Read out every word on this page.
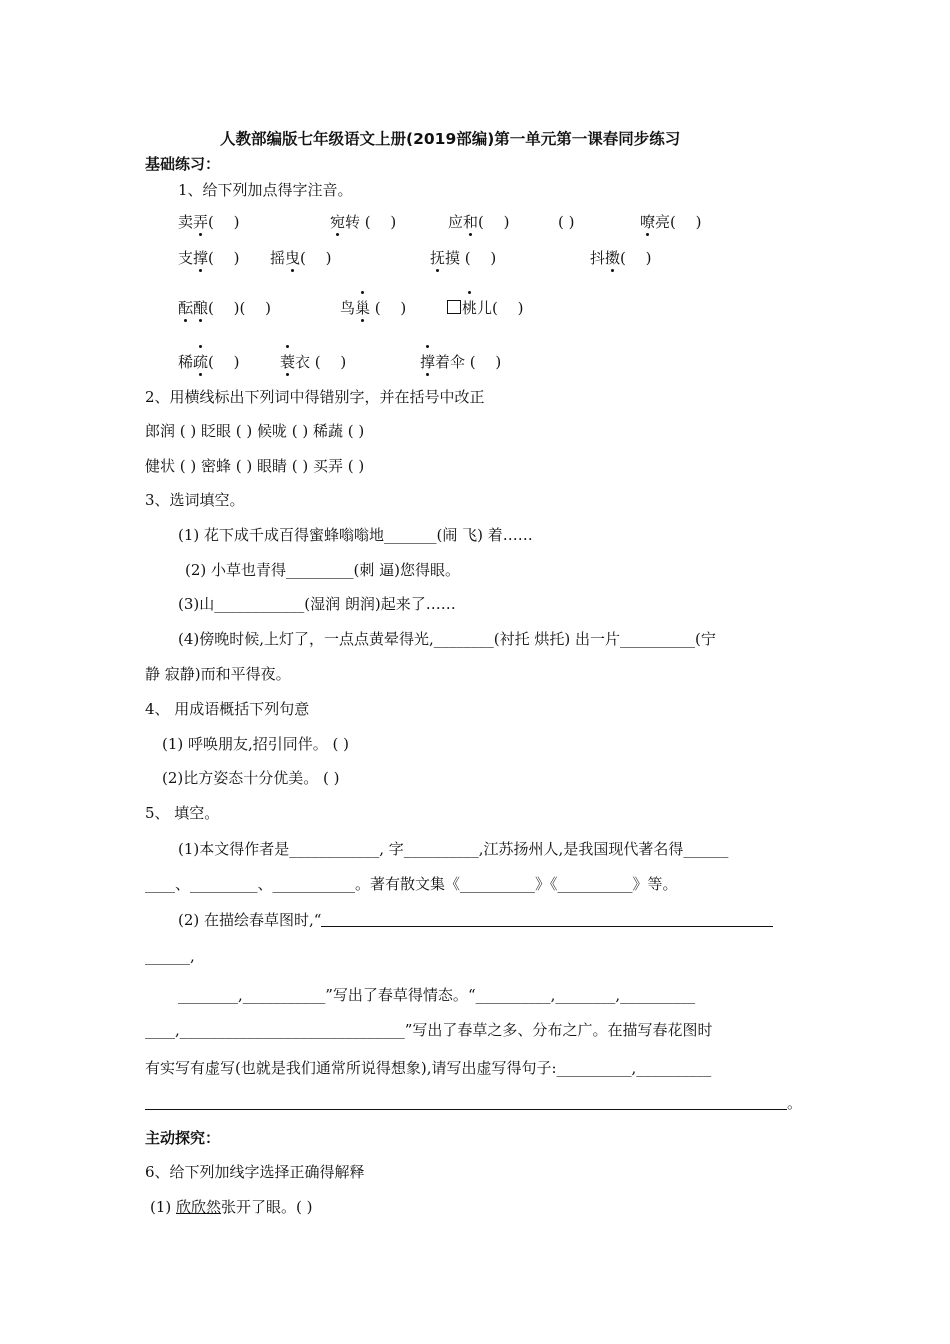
人教部编版七年级语文上册(2019部编)第一单元第一课春同步练习
基础练习：
1、给下列加点得字注音。
卖弄(　 )	宛转 (　 )	应和(　 )	( )	嘹亮(　 )
支撑(　 ) 摇曳(　 )	抚摸 (　 )	抖擞(　 )
酝酿(　 )(　 )	鸟巢 (　 )	桃儿(　 )
稀疏(　 )	蓑衣 (　 )	撑着伞 (　 )
2、用横线标出下列词中得错别字，并在括号中改正
郎润 ( ) 眨眼 ( ) 候咙 ( ) 稀蔬 ( )
健状 ( ) 密蜂 ( ) 眼睛 ( ) 买弄 ( )
3、选词填空。
(1) 花下成千成百得蜜蜂嗡嗡地_______(闹 飞) 着……
(2) 小草也青得_________(刺 逼)您得眼。
(3)山____________(湿润 朗润)起来了……
(4)傍晚时候,上灯了，一点点黄晕得光,________(衬托 烘托) 出一片__________(宁
静 寂静)而和平得夜。
4、 用成语概括下列句意
(1) 呼唤朋友,招引同伴。 ( )
(2)比方姿态十分优美。 ( )
5、 填空。
(1)本文得作者是____________, 字__________,江苏扬州人,是我国现代著名得______
____、_________、___________。著有散文集《__________》《__________》等。
(2) 在描绘春草图时,“
______,
________,___________”写出了春草得情态。“__________,________,__________
____,______________________________”写出了春草之多、分布之广。在描写春花图时
有实写有虚写(也就是我们通常所说得想象),请写出虚写得句子:__________,__________
。
主动探究：
6、给下列加线字选择正确得解释
(1) 欣欣然张开了眼。( )
